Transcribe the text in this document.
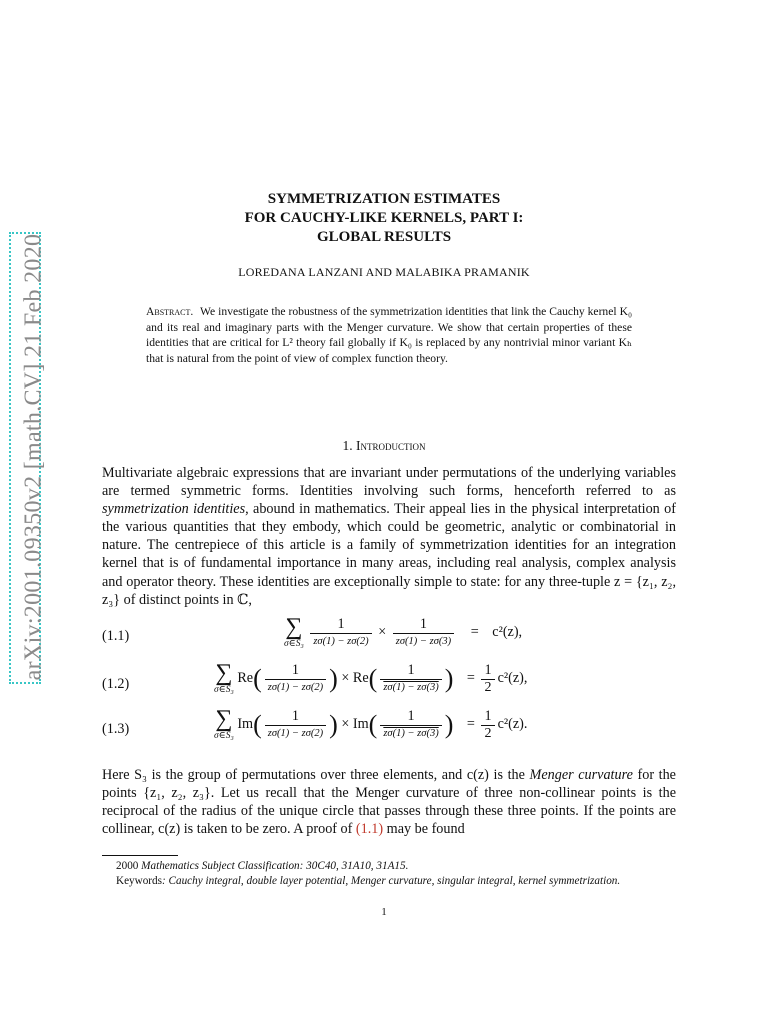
arXiv:2001.09350v2 [math.CV] 21 Feb 2020
SYMMETRIZATION ESTIMATES
FOR CAUCHY-LIKE KERNELS, PART I:
GLOBAL RESULTS
LOREDANA LANZANI AND MALABIKA PRAMANIK
Abstract. We investigate the robustness of the symmetrization identities that link the Cauchy kernel K₀ and its real and imaginary parts with the Menger curvature. We show that certain properties of these identities that are critical for L² theory fail globally if K₀ is replaced by any nontrivial minor variant Kₕ that is natural from the point of view of complex function theory.
1. Introduction
Multivariate algebraic expressions that are invariant under permutations of the underlying variables are termed symmetric forms. Identities involving such forms, henceforth referred to as symmetrization identities, abound in mathematics. Their appeal lies in the physical interpretation of the various quantities that they embody, which could be geometric, analytic or combinatorial in nature. The centrepiece of this article is a family of symmetrization identities for an integration kernel that is of fundamental importance in many areas, including real analysis, complex analysis and operator theory. These identities are exceptionally simple to state: for any three-tuple z = {z₁, z₂, z₃} of distinct points in ℂ,
(1.1)	∑
σ∈S₃
$\frac{1}{z\sigma(1) - z\sigma(2)} \times \frac{1}{z\sigma(1) - z\sigma(3)} = c^2(z)$,
(1.2)	∑
σ∈S₃
$Re( \frac{1}{z\sigma(1) - z\sigma(2)}$ ) × $Re( \frac{1}{z\sigma(1) - z\sigma(3)}$ ) = $\frac{1}{2} c^2(z)$,
(1.3)	∑
σ∈S₃
$Im( \frac{1}{z\sigma(1) - z\sigma(2)}$ ) × $Im( \frac{1}{z\sigma(1) - z\sigma(3)}$ ) = $\frac{1}{2} c^2(z)$.
Here S₃ is the group of permutations over three elements, and c(z) is the Menger curvature for the points {z₁, z₂, z₃}. Let us recall that the Menger curvature of three non-collinear points is the reciprocal of the radius of the unique circle that passes through these three points. If the points are collinear, c(z) is taken to be zero. A proof of (1.1) may be found
2000 Mathematics Subject Classification: 30C40, 31A10, 31A15.
Keywords: Cauchy integral, double layer potential, Menger curvature, singular integral, kernel symmetrization.
1
